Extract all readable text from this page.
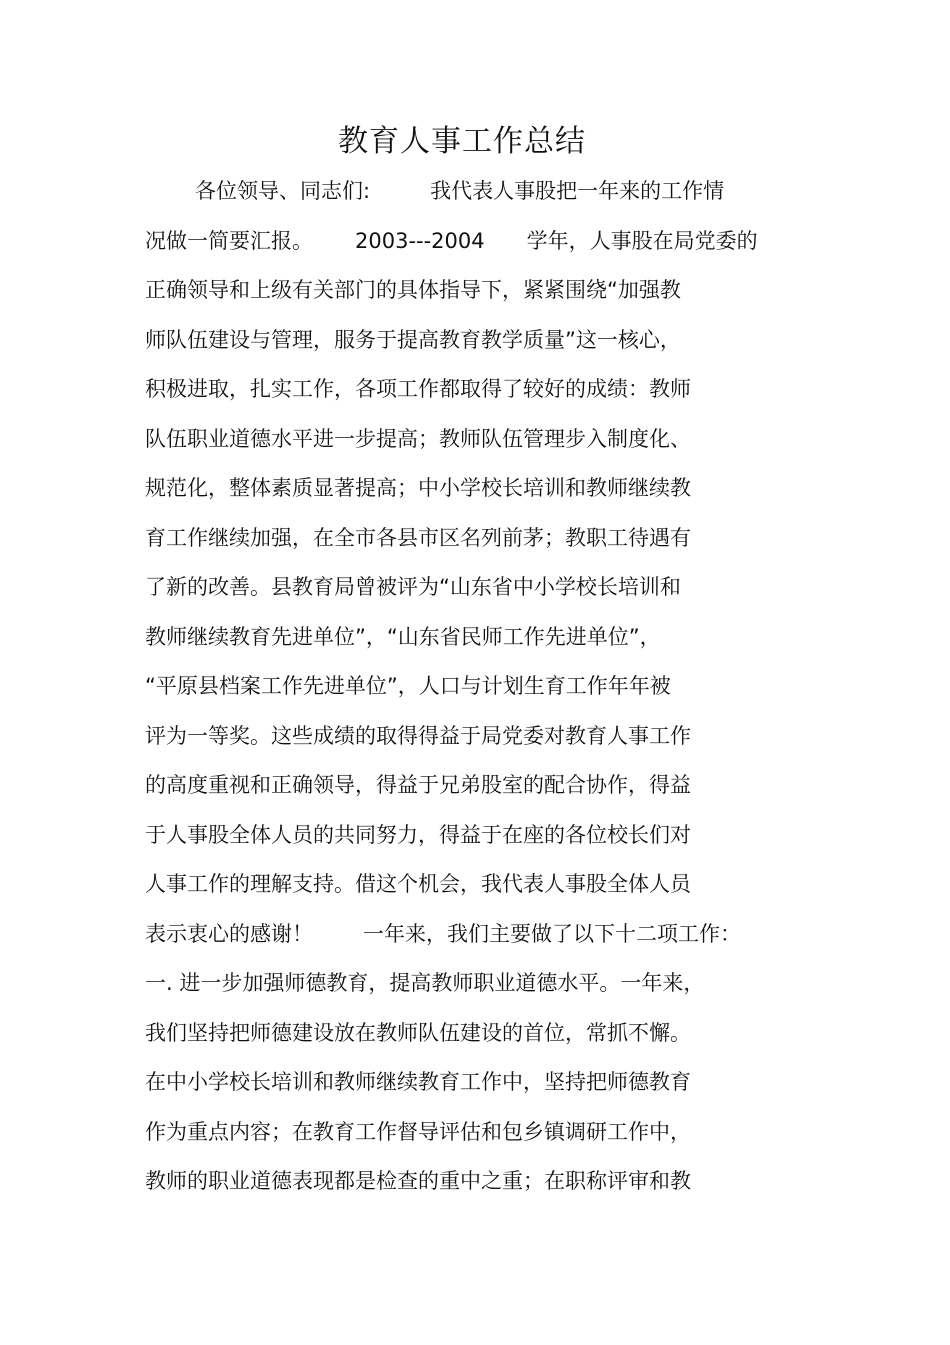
教育人事工作总结
各位领导、同志们:	我代表人事股把一年来的工作情
况做一简要汇报。 2003---2004 学年，人事股在局党委的
正确领导和上级有关部门的具体指导下，紧紧围绕“加强教
师队伍建设与管理，服务于提高教育教学质量”这一核心，
积极进取，扎实工作，各项工作都取得了较好的成绩：教师
队伍职业道德水平进一步提高；教师队伍管理步入制度化、
规范化，整体素质显著提高；中小学校长培训和教师继续教
育工作继续加强，在全市各县市区名列前茅；教职工待遇有
了新的改善。县教育局曾被评为“山东省中小学校长培训和
教师继续教育先进单位”，“山东省民师工作先进单位”，
“平原县档案工作先进单位”，人口与计划生育工作年年被
评为一等奖。这些成绩的取得得益于局党委对教育人事工作
的高度重视和正确领导，得益于兄弟股室的配合协作，得益
于人事股全体人员的共同努力，得益于在座的各位校长们对
人事工作的理解支持。借这个机会，我代表人事股全体人员
表示衷心的感谢！ 一年来，我们主要做了以下十二项工作：
一. 进一步加强师德教育，提高教师职业道德水平。一年来，
我们坚持把师德建设放在教师队伍建设的首位，常抓不懈。
在中小学校长培训和教师继续教育工作中，坚持把师德教育
作为重点内容；在教育工作督导评估和包乡镇调研工作中，
教师的职业道德表现都是检查的重中之重；在职称评审和教
